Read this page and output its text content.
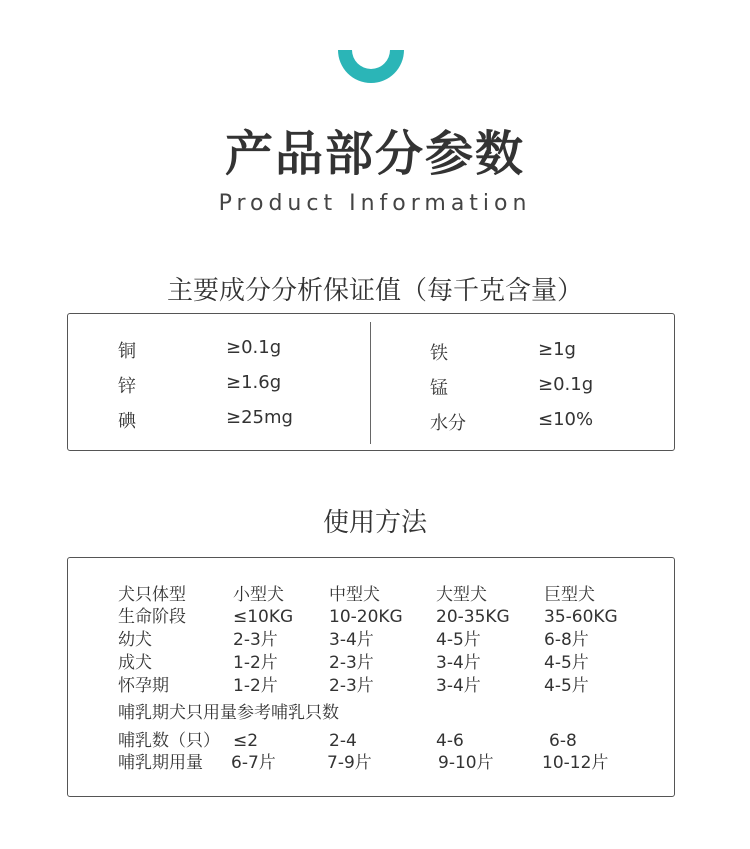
产品部分参数
Product Information
主要成分分析保证值（每千克含量）
铜	≥0.1g
锌	≥1.6g
碘	≥25mg
铁	≥1g
锰	≥0.1g
水分	≤10%
使用方法
犬只体型	小型犬	中型犬	大型犬	巨型犬
生命阶段	≤10KG 10-20KG 20-35KG 35-60KG
幼犬	2-3片	3-4片	4-5片	6-8片
成犬	1-2片	2-3片	3-4片	4-5片
怀孕期	1-2片	2-3片	3-4片	4-5片
哺乳期犬只用量参考哺乳只数
哺乳数（只） ≤2	2-4	4-6	6-8
哺乳期用量 6-7片	7-9片	9-10片	10-12片
